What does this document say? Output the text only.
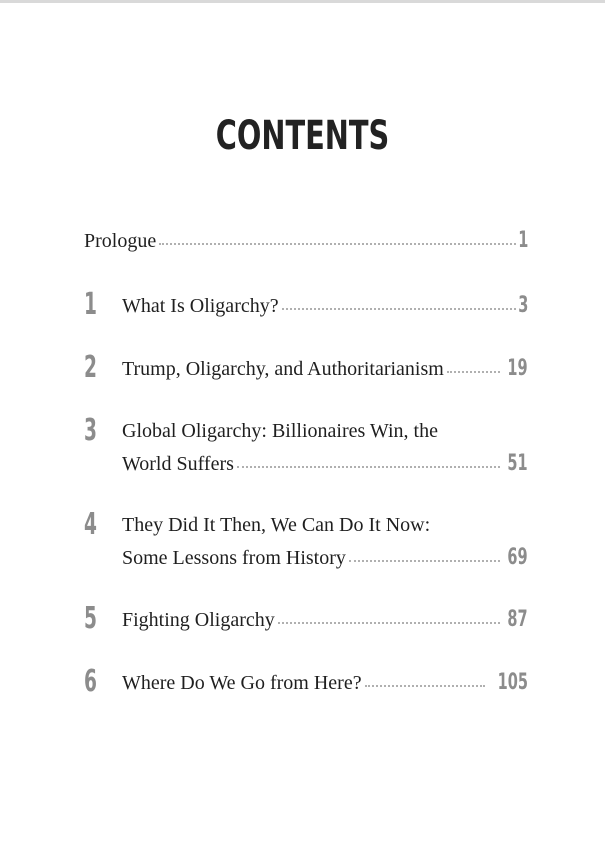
CONTENTS
Prologue	1
1 What Is Oligarchy?	3
2 Trump, Oligarchy, and Authoritarianism	19
3 Global Oligarchy: Billionaires Win, the
World Suffers	51
4 They Did It Then, We Can Do It Now:
Some Lessons from History	69
5 Fighting Oligarchy	87
6 Where Do We Go from Here?	105
